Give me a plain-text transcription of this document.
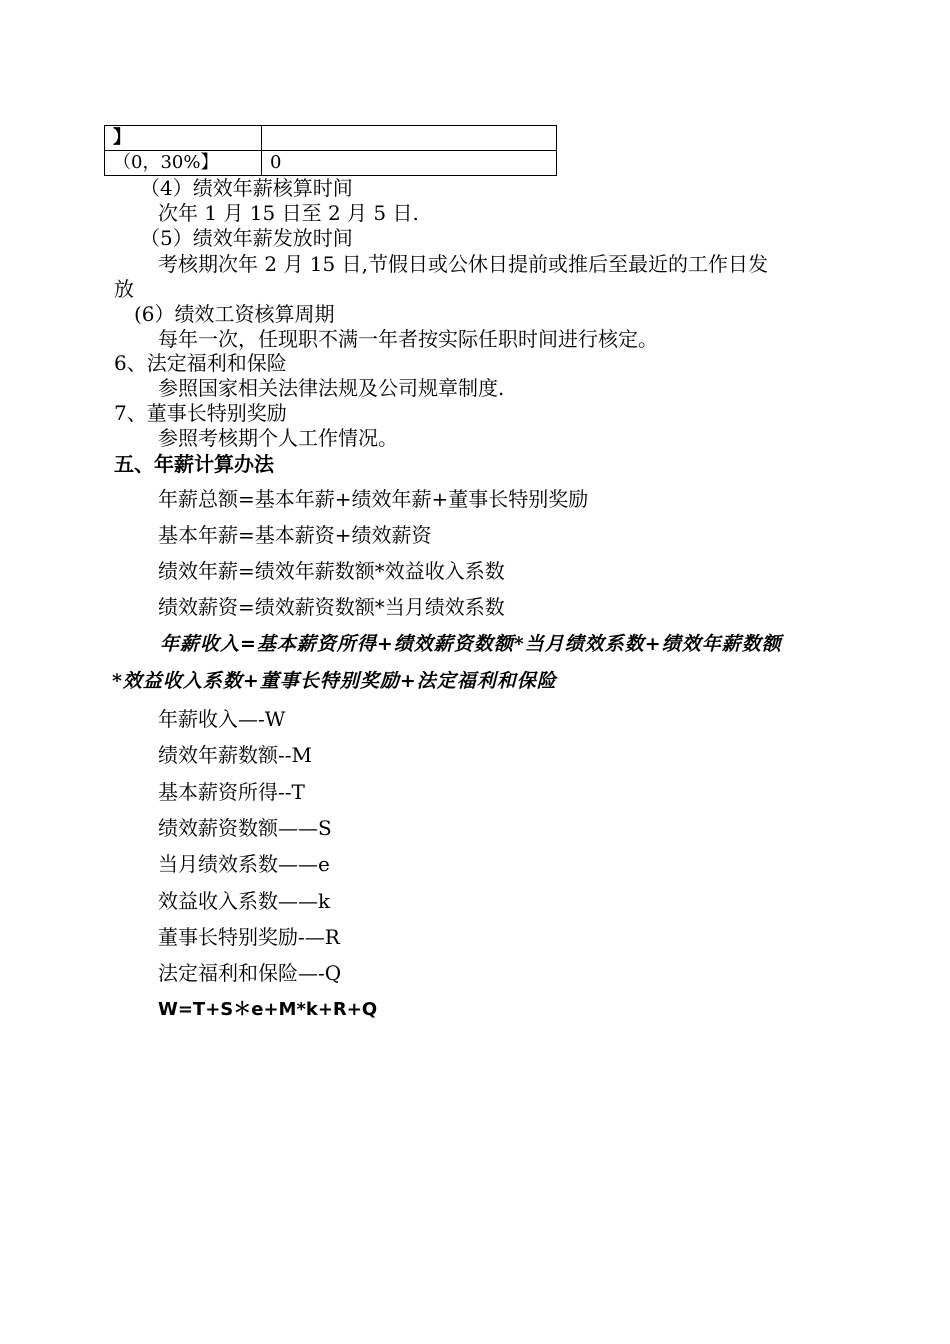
】	
（0，30%】	0
（4）绩效年薪核算时间
次年 1 月 15 日至 2 月 5 日.
（5）绩效年薪发放时间
考核期次年 2 月 15 日,节假日或公休日提前或推后至最近的工作日发
放
(6）绩效工资核算周期
每年一次，任现职不满一年者按实际任职时间进行核定。
6、法定福利和保险
参照国家相关法律法规及公司规章制度.
7、董事长特别奖励
参照考核期个人工作情况。
五、年薪计算办法
年薪总额=基本年薪+绩效年薪+董事长特别奖励
基本年薪=基本薪资+绩效薪资
绩效年薪=绩效年薪数额*效益收入系数
绩效薪资=绩效薪资数额*当月绩效系数
年薪收入=基本薪资所得+绩效薪资数额*当月绩效系数+绩效年薪数额
*效益收入系数+董事长特别奖励+法定福利和保险
年薪收入—-W
绩效年薪数额--M
基本薪资所得--T
绩效薪资数额——S
当月绩效系数——e
效益收入系数——k
董事长特别奖励-—R
法定福利和保险—-Q
W=T+S＊e+M*k+R+Q
